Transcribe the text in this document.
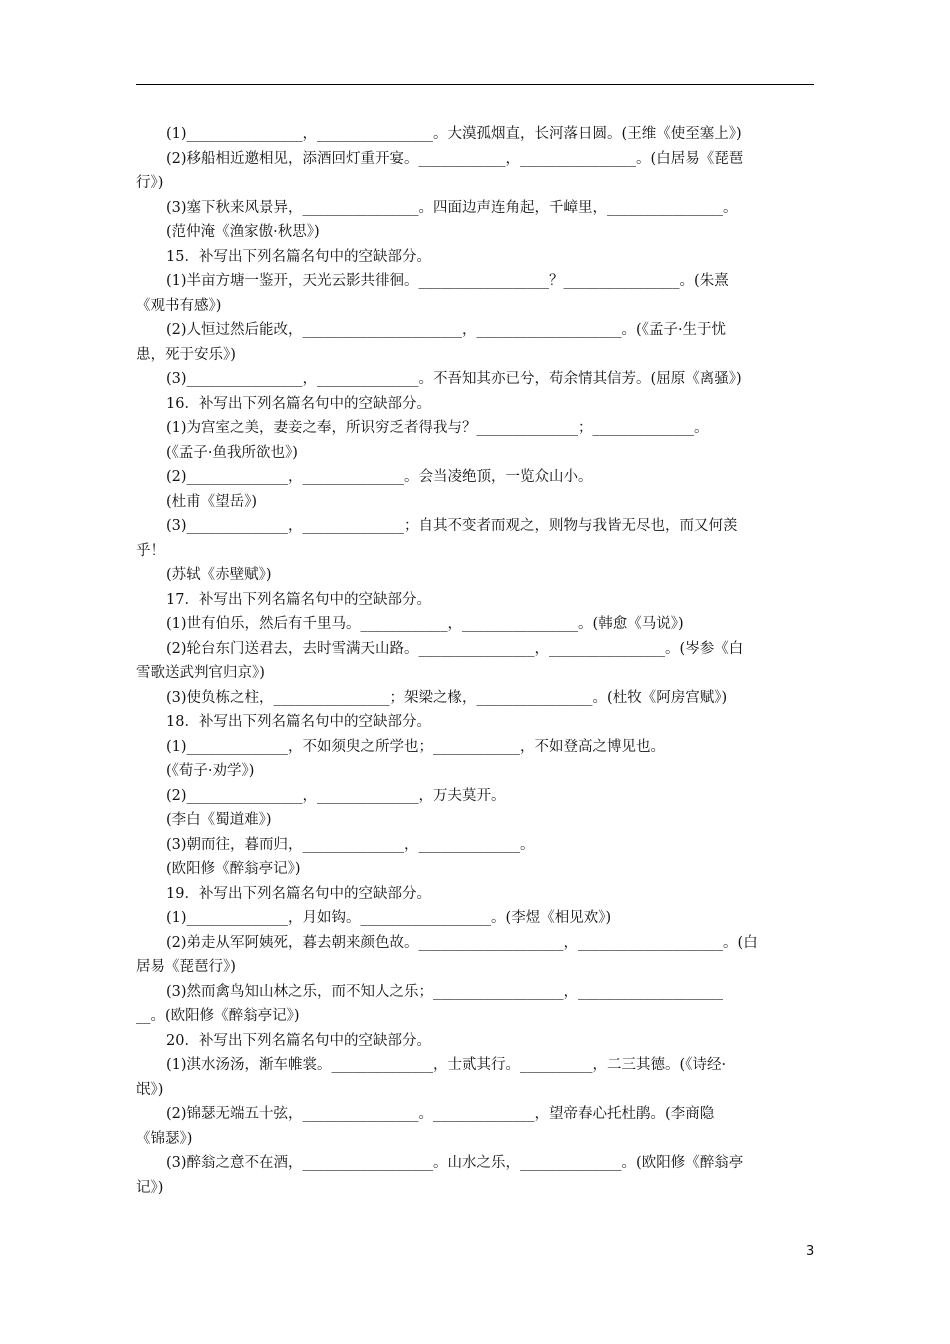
(1)________________，________________。大漠孤烟直，长河落日圆。(王维《使至塞上》)
(2)移船相近邀相见，添酒回灯重开宴。____________，________________。(白居易《琵琶
行》)
(3)塞下秋来风景异，________________。四面边声连角起，千嶂里，________________。
(范仲淹《渔家傲·秋思》)
15．补写出下列名篇名句中的空缺部分。
(1)半亩方塘一鉴开，天光云影共徘徊。__________________？________________。(朱熹
《观书有感》)
(2)人恒过然后能改，______________________，____________________。(《孟子·生于忧
患，死于安乐》)
(3)________________，______________。不吾知其亦已兮，苟余情其信芳。(屈原《离骚》)
16．补写出下列名篇名句中的空缺部分。
(1)为宫室之美，妻妾之奉，所识穷乏者得我与？______________；______________。
(《孟子·鱼我所欲也》)
(2)______________，______________。会当凌绝顶，一览众山小。
(杜甫《望岳》)
(3)______________，______________；自其不变者而观之，则物与我皆无尽也，而又何羡
乎！
(苏轼《赤壁赋》)
17．补写出下列名篇名句中的空缺部分。
(1)世有伯乐，然后有千里马。____________，________________。(韩愈《马说》)
(2)轮台东门送君去，去时雪满天山路。________________，________________。(岑参《白
雪歌送武判官归京》)
(3)使负栋之柱，________________；架梁之椽，________________。(杜牧《阿房宫赋》)
18．补写出下列名篇名句中的空缺部分。
(1)______________，不如须臾之所学也；____________，不如登高之博见也。
(《荀子·劝学》)
(2)________________，______________，万夫莫开。
(李白《蜀道难》)
(3)朝而往，暮而归，______________，______________。
(欧阳修《醉翁亭记》)
19．补写出下列名篇名句中的空缺部分。
(1)______________，月如钩。__________________。(李煜《相见欢》)
(2)弟走从军阿姨死，暮去朝来颜色故。____________________，____________________。(白
居易《琵琶行》)
(3)然而禽鸟知山林之乐，而不知人之乐；__________________，____________________
__。(欧阳修《醉翁亭记》)
20．补写出下列名篇名句中的空缺部分。
(1)淇水汤汤，渐车帷裳。______________，士贰其行。__________，二三其德。(《诗经·
氓》)
(2)锦瑟无端五十弦，________________。______________，望帝春心托杜鹃。(李商隐
《锦瑟》)
(3)醉翁之意不在酒，__________________。山水之乐，______________。(欧阳修《醉翁亭
记》)
3
